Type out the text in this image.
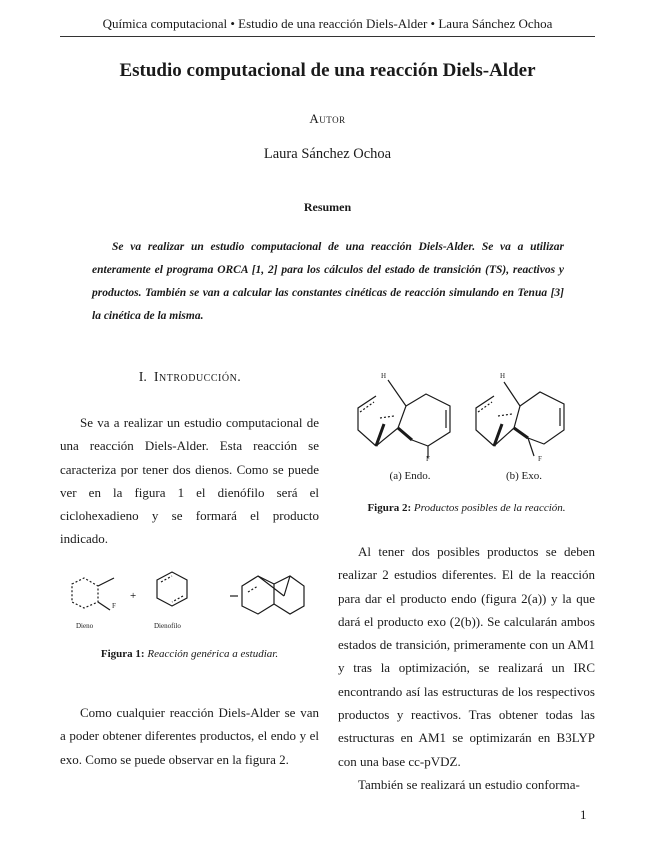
Química computacional • Estudio de una reacción Diels-Alder • Laura Sánchez Ochoa
Estudio computacional de una reacción Diels-Alder
Autor
Laura Sánchez Ochoa
Resumen
Se va realizar un estudio computacional de una reacción Diels-Alder. Se va a utilizar enteramente el programa ORCA [1, 2] para los cálculos del estado de transición (TS), reactivos y productos. También se van a calcular las constantes cinéticas de reacción simulando en Tenua [3] la cinética de la misma.
I. Introducción.
Se va a realizar un estudio computacional de una reacción Diels-Alder. Esta reacción se caracteriza por tener dos dienos. Como se puede ver en la figura 1 el dienófilo será el ciclohexadieno y se formará el producto indicado.
F
+
Dieno	Dienofilo
Figura 1: Reacción genérica a estudiar.
Como cualquier reacción Diels-Alder se van a poder obtener diferentes productos, el endo y el exo. Como se puede observar en la figura 2.
H
F
H
F
(a) Endo.	(b) Exo.
Figura 2: Productos posibles de la reacción.
Al tener dos posibles productos se deben realizar 2 estudios diferentes. El de la reacción para dar el producto endo (figura 2(a)) y la que dará el producto exo (2(b)). Se calcularán ambos estados de transición, primeramente con un AM1 y tras la optimización, se realizará un IRC encontrando así las estructuras de los respectivos productos y reactivos. Tras obtener todas las estructuras en AM1 se optimizarán en B3LYP con una base cc-pVDZ.
También se realizará un estudio conforma-
1
